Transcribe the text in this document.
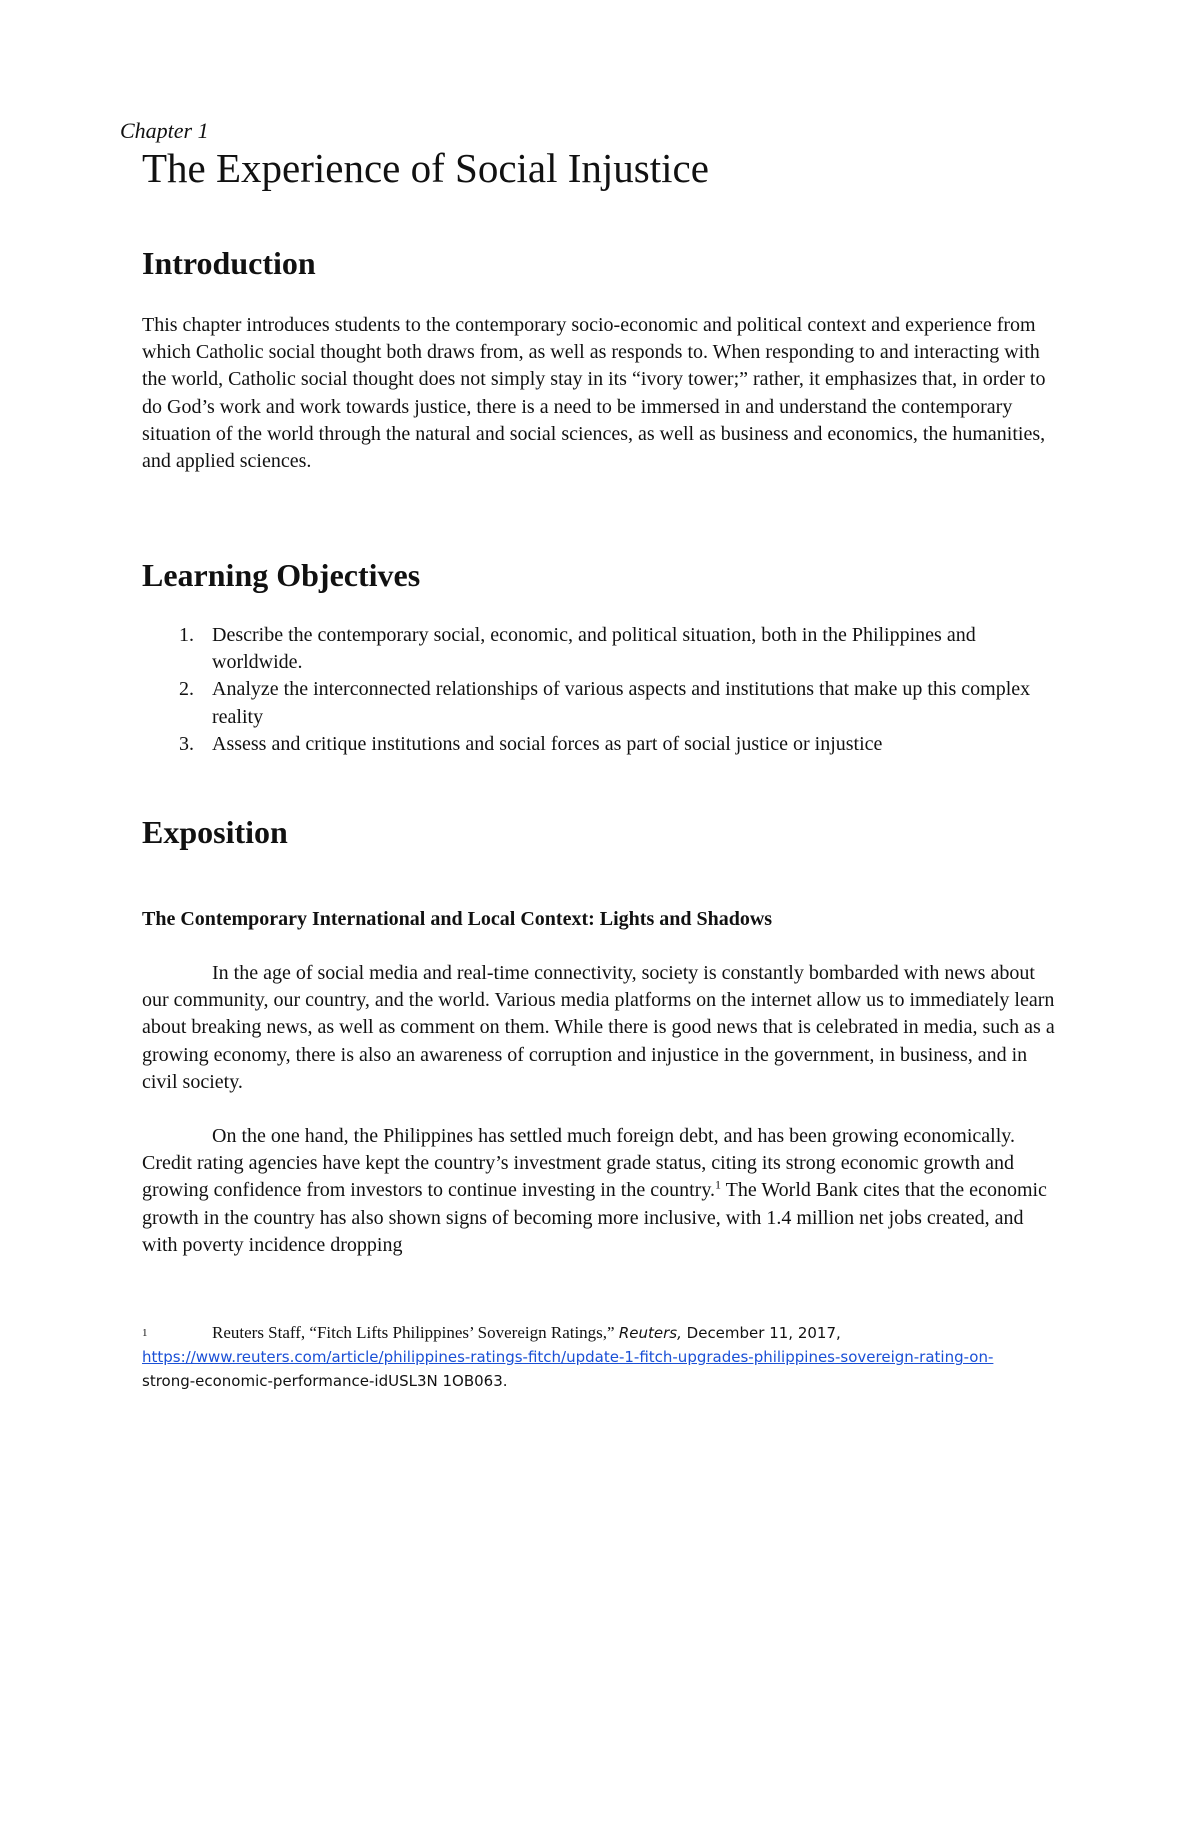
Chapter 1
The Experience of Social Injustice
Introduction

This chapter introduces students to the contemporary socio-economic and political context and experience from which Catholic social thought both draws from, as well as responds to. When responding to and interacting with the world, Catholic social thought does not simply stay in its “ivory tower;” rather, it emphasizes that, in order to do God’s work and work towards justice, there is a need to be immersed in and understand the contemporary situation of the world through the natural and social sciences, as well as business and economics, the humanities, and applied sciences.

Learning Objectives
1. Describe the contemporary social, economic, and political situation, both in the Philippines and worldwide.
2. Analyze the interconnected relationships of various aspects and institutions that make up this complex reality
3. Assess and critique institutions and social forces as part of social justice or injustice
Exposition
The Contemporary International and Local Context: Lights and Shadows

In the age of social media and real-time connectivity, society is constantly bombarded with news about our community, our country, and the world. Various media platforms on the internet allow us to immediately learn about breaking news, as well as comment on them. While there is good news that is celebrated in media, such as a growing economy, there is also an awareness of corruption and injustice in the government, in business, and in civil society.

On the one hand, the Philippines has settled much foreign debt, and has been growing economically. Credit rating agencies have kept the country’s investment grade status, citing its strong economic growth and growing confidence from investors to continue investing in the country.$^1$ The World Bank cites that the economic growth in the country has also shown signs of becoming more inclusive, with 1.4 million net jobs created, and with poverty incidence dropping

1	Reuters Staff, “Fitch Lifts Philippines’ Sovereign Ratings,” Reuters, December 11, 2017,
https://www.reuters.com/article/philippines-ratings-fitch/update-1-fitch-upgrades-philippines-sovereign-rating-on-
strong-economic-performance-idUSL3N 1OB063.
